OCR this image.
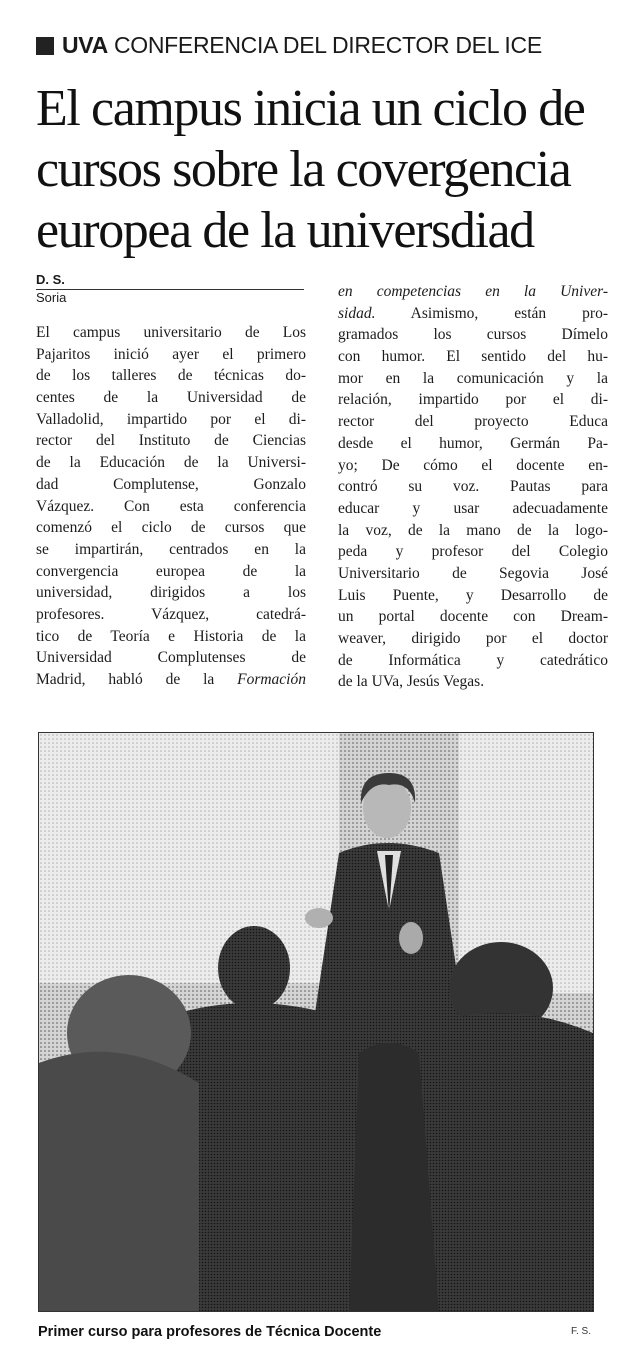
UVA CONFERENCIA DEL DIRECTOR DEL ICE
El campus inicia un ciclo de
cursos sobre la covergencia
europea de la universdiad
D. S.
Soria
El campus universitario de Los
Pajaritos inició ayer el primero
de los talleres de técnicas do-
centes de la Universidad de
Valladolid, impartido por el di-
rector del Instituto de Ciencias
de la Educación de la Universi-
dad Complutense, Gonzalo
Vázquez. Con esta conferencia
comenzó el ciclo de cursos que
se impartirán, centrados en la
convergencia europea de la
universidad, dirigidos a los
profesores. Vázquez, catedrá-
tico de Teoría e Historia de la
Universidad Complutenses de
Madrid, habló de la Formación
en competencias en la Univer-
sidad. Asimismo, están pro-
gramados los cursos Dímelo
con humor. El sentido del hu-
mor en la comunicación y la
relación, impartido por el di-
rector del proyecto Educa
desde el humor, Germán Pa-
yo; De cómo el docente en-
contró su voz. Pautas para
educar y usar adecuadamente
la voz, de la mano de la logo-
peda y profesor del Colegio
Universitario de Segovia José
Luis Puente, y Desarrollo de
un portal docente con Dream-
weaver, dirigido por el doctor
de Informática y catedrático
de la UVa, Jesús Vegas.
Primer curso para profesores de Técnica Docente	F. S.
